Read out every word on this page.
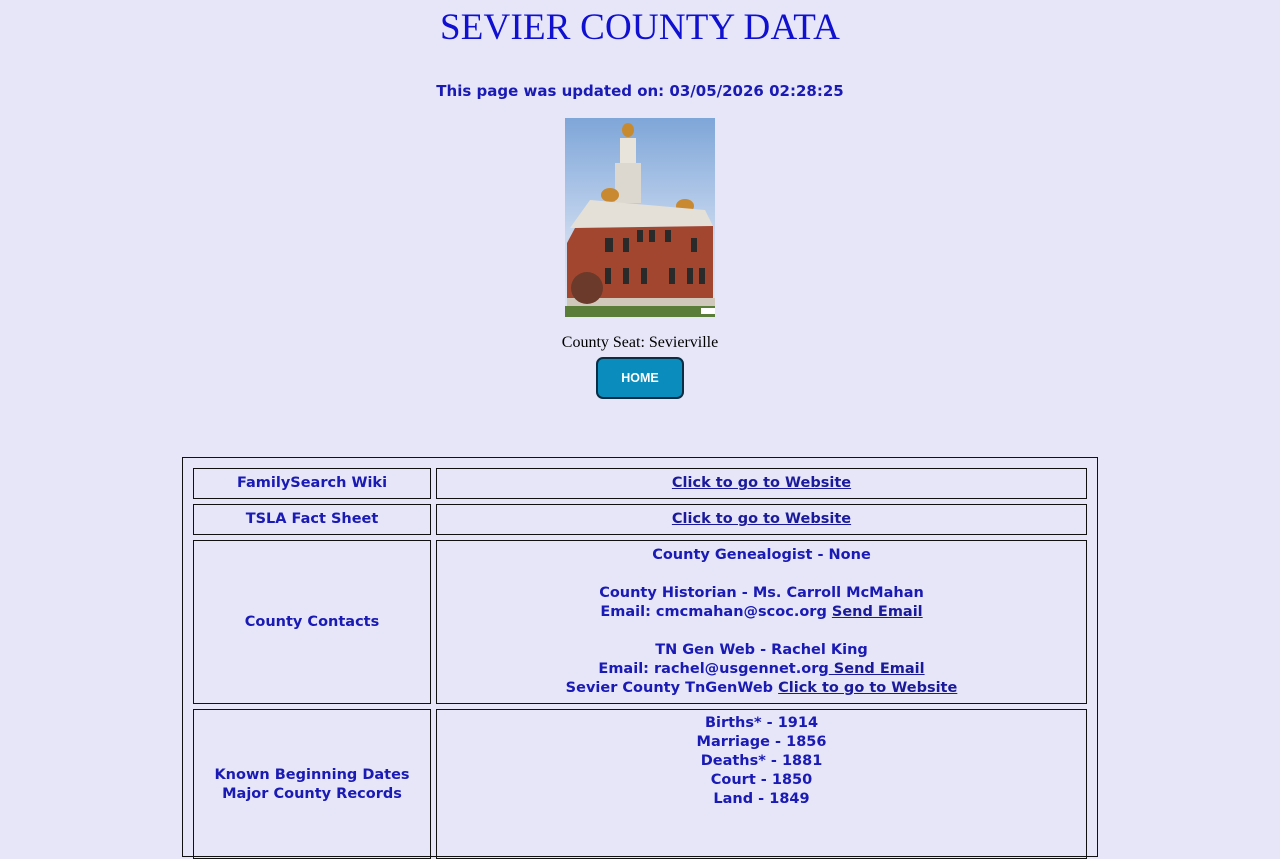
SEVIER COUNTY DATA
This page was updated on: 03/05/2026 02:28:25
County Seat: Sevierville
HOME
FamilySearch Wiki	Click to go to Website
TSLA Fact Sheet	Click to go to Website
County Contacts
County Genealogist - None
County Historian - Ms. Carroll McMahan
Email: cmcmahan@scoc.org Send Email
TN Gen Web - Rachel King
Email: rachel@usgennet.org Send Email
Sevier County TnGenWeb Click to go to Website
Known Beginning Dates
Major County Records
Births* - 1914
Marriage - 1856
Deaths* - 1881
Court - 1850
Land - 1849
